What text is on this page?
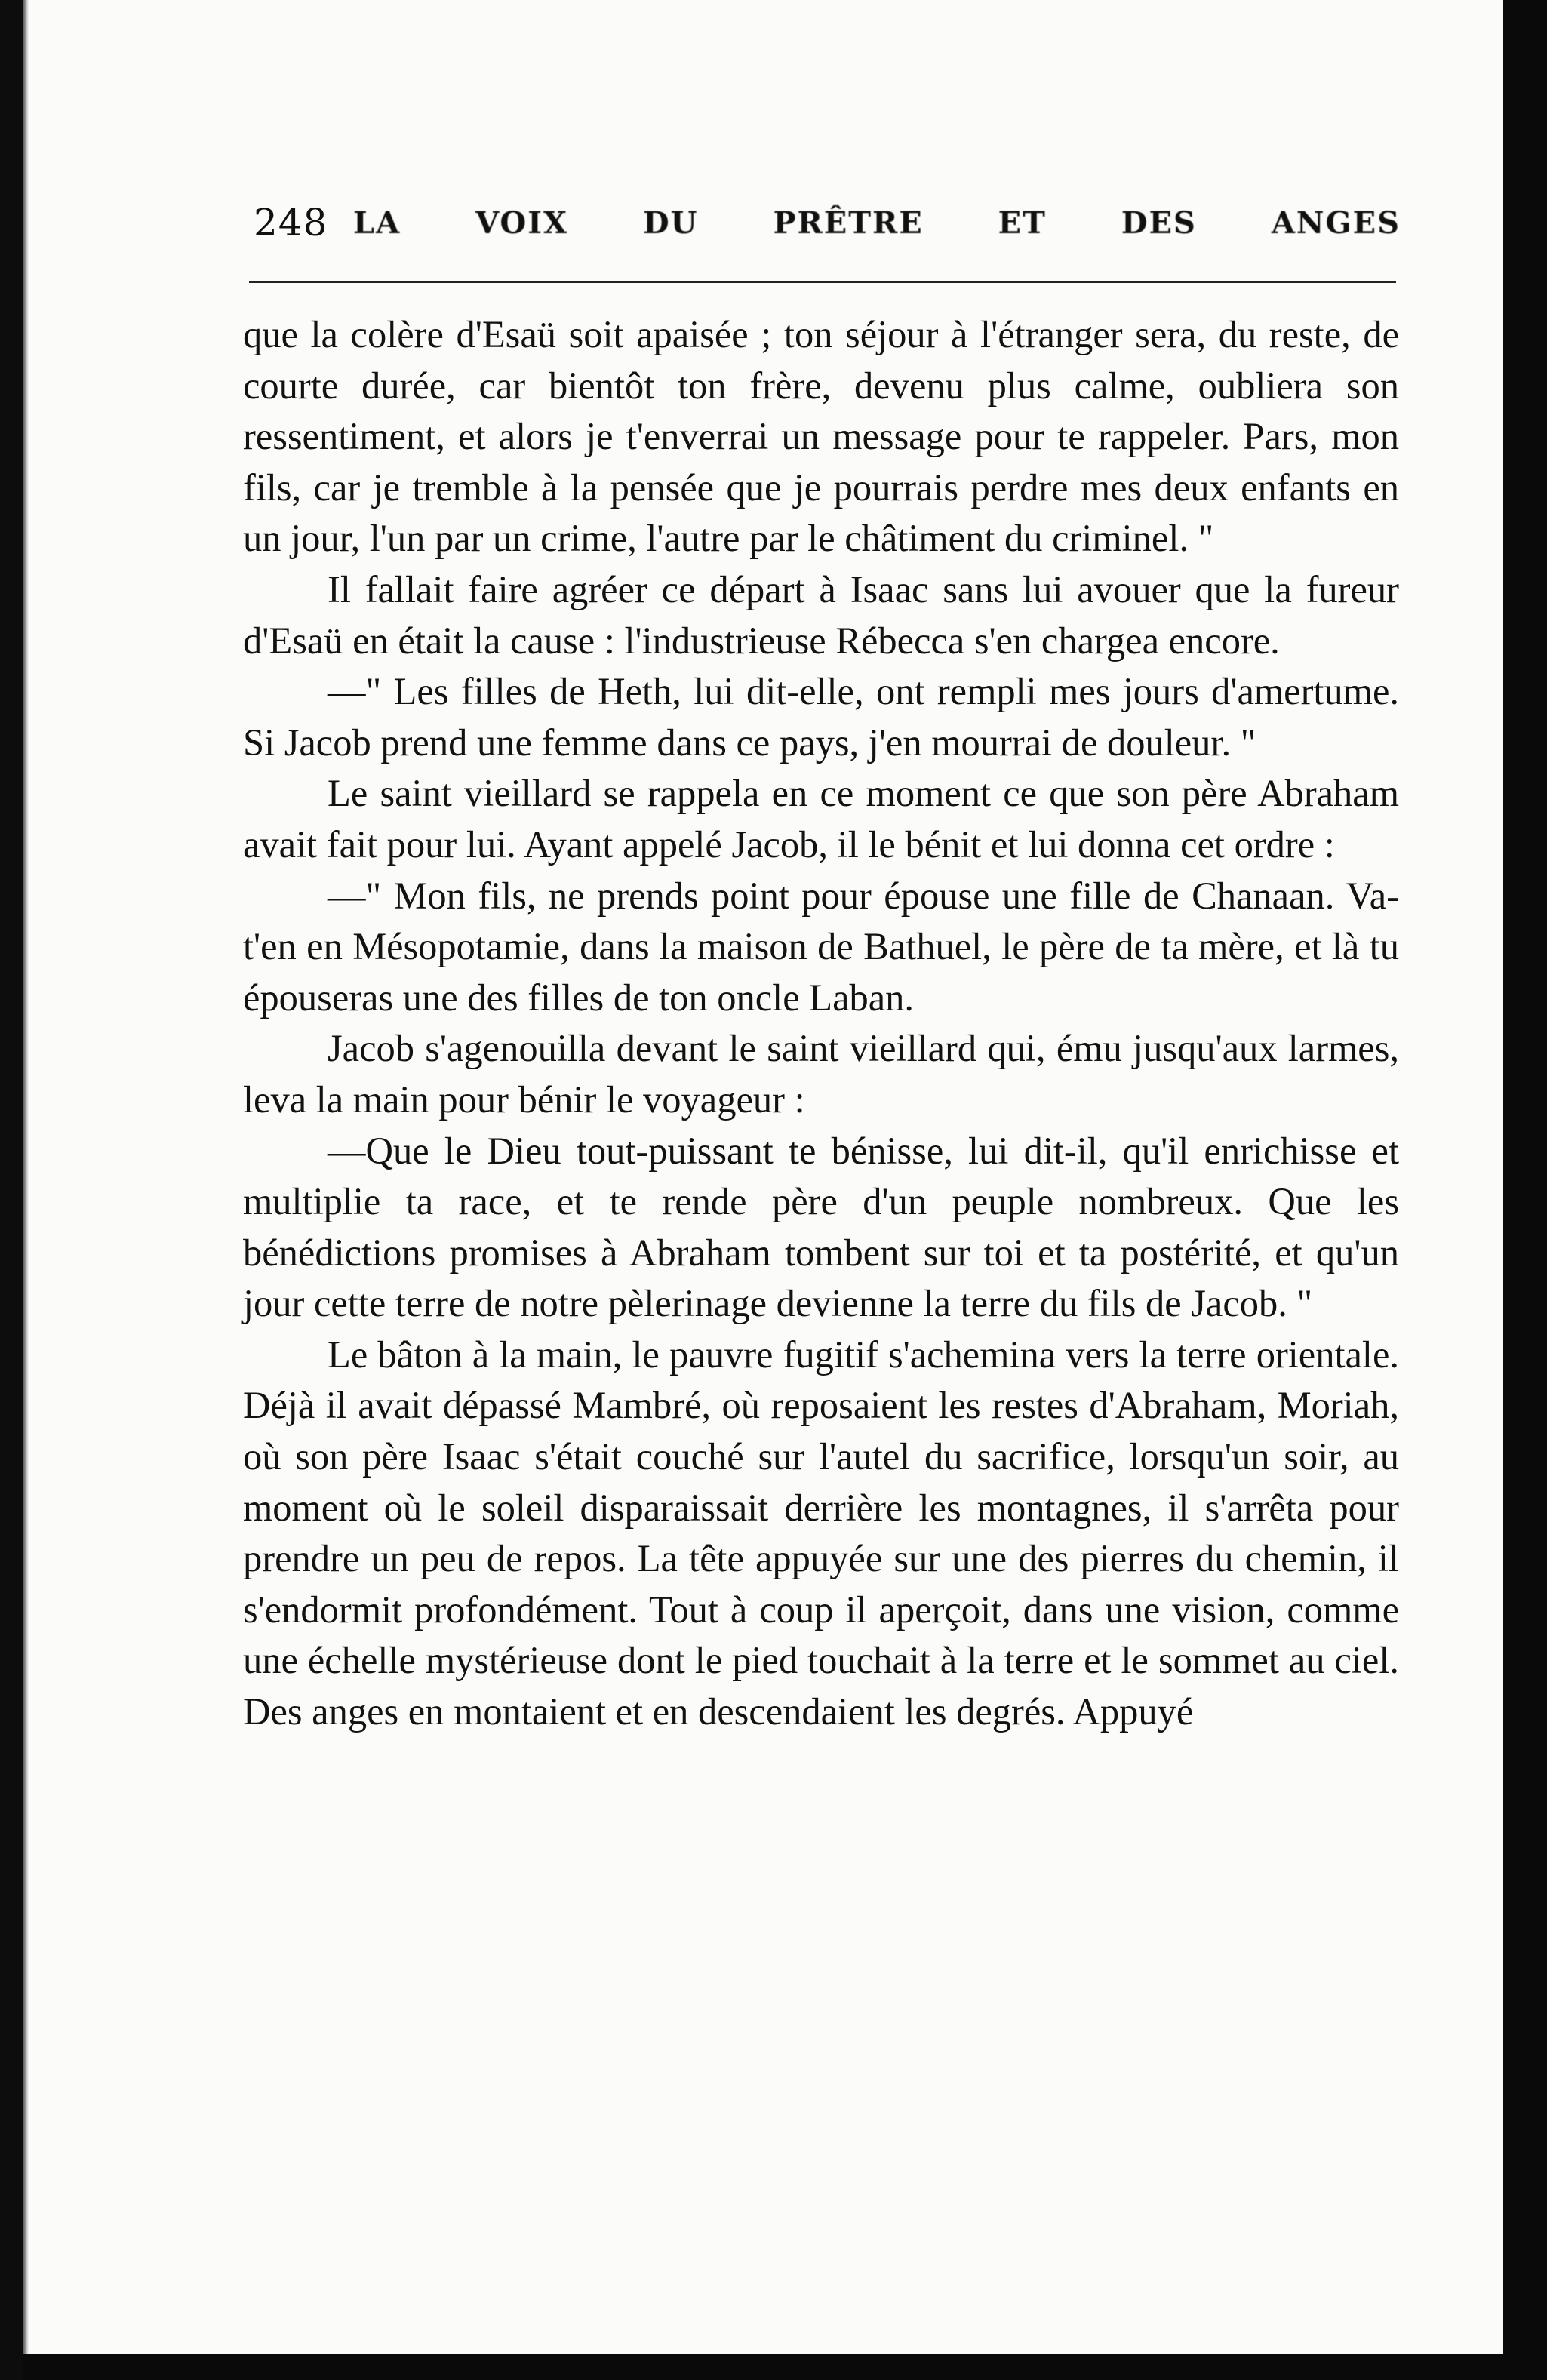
248 LA VOIX DU PRÊTRE ET DES ANGES

que la colère d'Esaü soit apaisée ; ton séjour à l'étranger sera, du reste, de courte durée, car bientôt ton frère, devenu plus calme, oubliera son ressentiment, et alors je t'enverrai un message pour te rappeler. Pars, mon fils, car je tremble à la pensée que je pourrais perdre mes deux enfants en un jour, l'un par un crime, l'autre par le châtiment du criminel. "

Il fallait faire agréer ce départ à Isaac sans lui avouer que la fureur d'Esaü en était la cause : l'industrieuse Rébecca s'en chargea encore.

—" Les filles de Heth, lui dit-elle, ont rempli mes jours d'amertume. Si Jacob prend une femme dans ce pays, j'en mourrai de douleur. "

Le saint vieillard se rappela en ce moment ce que son père Abraham avait fait pour lui. Ayant appelé Jacob, il le bénit et lui donna cet ordre :

—" Mon fils, ne prends point pour épouse une fille de Chanaan. Va-t'en en Mésopotamie, dans la maison de Bathuel, le père de ta mère, et là tu épouseras une des filles de ton oncle Laban.

Jacob s'agenouilla devant le saint vieillard qui, ému jusqu'aux larmes, leva la main pour bénir le voyageur :

—Que le Dieu tout-puissant te bénisse, lui dit-il, qu'il enrichisse et multiplie ta race, et te rende père d'un peuple nombreux. Que les bénédictions promises à Abraham tombent sur toi et ta postérité, et qu'un jour cette terre de notre pèlerinage devienne la terre du fils de Jacob. "

Le bâton à la main, le pauvre fugitif s'achemina vers la terre orientale. Déjà il avait dépassé Mambré, où reposaient les restes d'Abraham, Moriah, où son père Isaac s'était couché sur l'autel du sacrifice, lorsqu'un soir, au moment où le soleil disparaissait derrière les montagnes, il s'arrêta pour prendre un peu de repos. La tête appuyée sur une des pierres du chemin, il s'endormit profondément. Tout à coup il aperçoit, dans une vision, comme une échelle mystérieuse dont le pied touchait à la terre et le sommet au ciel. Des anges en montaient et en descendaient les degrés. Appuyé
